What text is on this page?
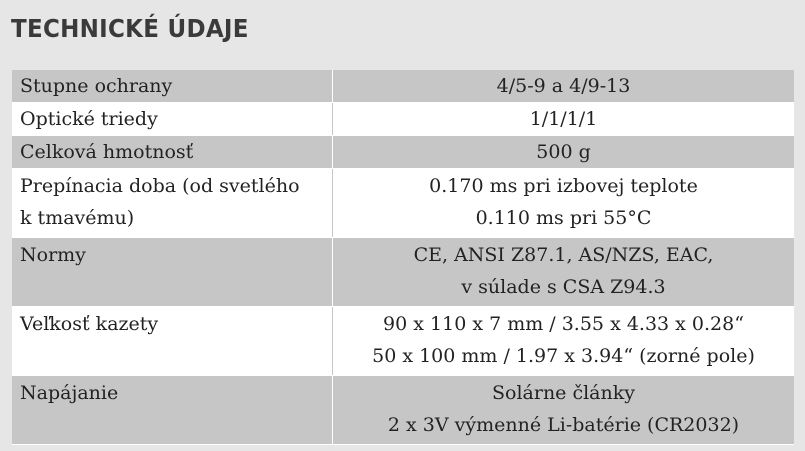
TECHNICKÉ ÚDAJE
Stupne ochrany	4/5-9 a 4/9-13

Optické triedy	1/1/1/1

Celková hmotnosť	500 g

Prepínacia doba (od svetlého
k tmavému)	0.170 ms pri izbovej teplote
0.110 ms pri 55°C

Normy	CE, ANSI Z87.1, AS/NZS, EAC,
v súlade s CSA Z94.3

Veľkosť kazety	90 x 110 x 7 mm / 3.55 x 4.33 x 0.28“
50 x 100 mm / 1.97 x 3.94“ (zorné pole)

Napájanie	Solárne články
2 x 3V výmenné Li-batérie (CR2032)
